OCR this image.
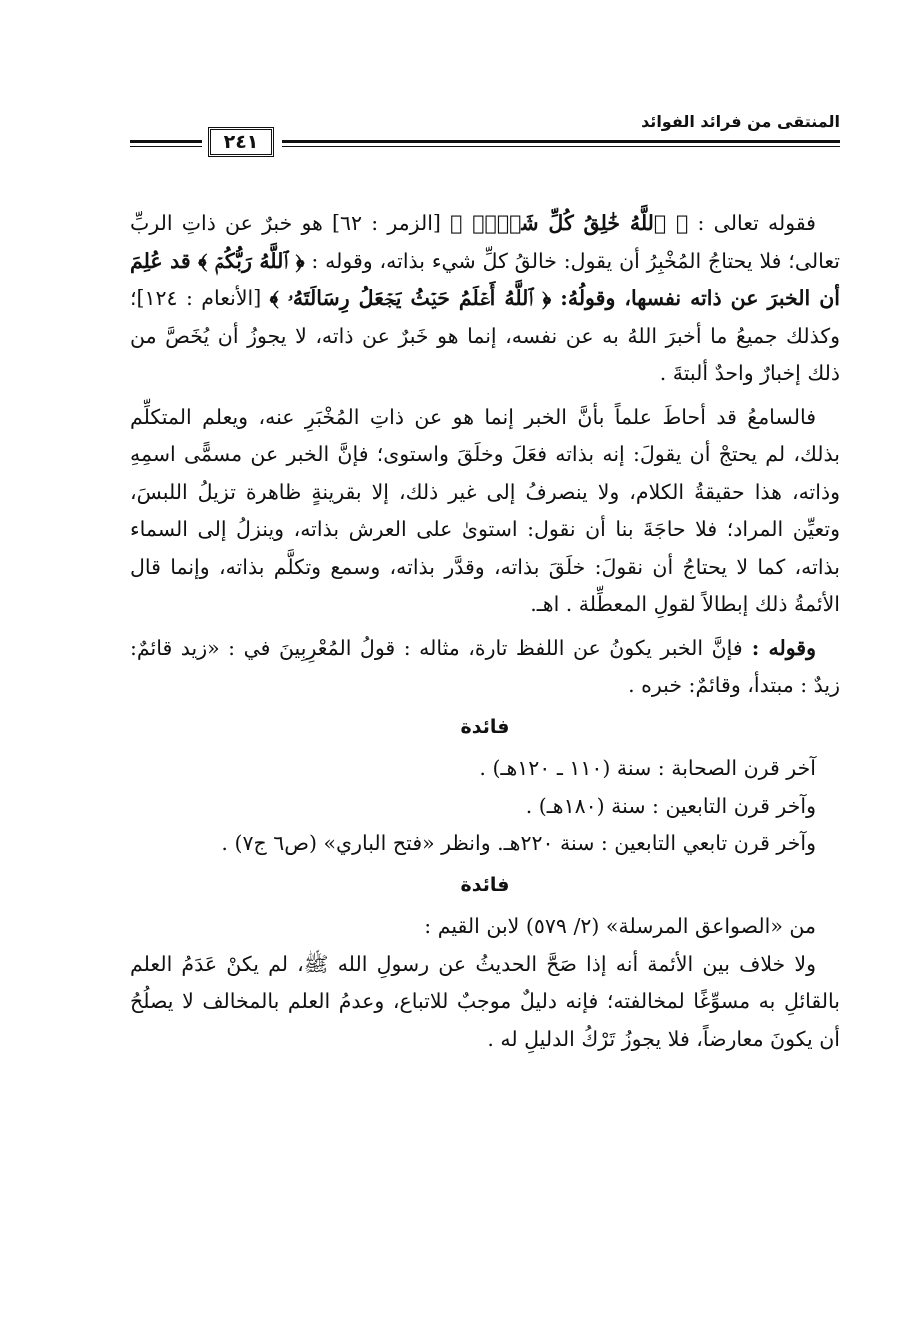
المنتقى من فرائد الفوائد
٢٤١

فقوله تعالى : ﴿ ٱللَّهُ خَٰلِقُ كُلِّ شَيۡءٖ ﴾ [الزمر : ٦٢] هو خبرٌ عن ذاتِ الربِّ تعالى؛ فلا يحتاجُ المُخْبِرُ أن يقول: خالقُ كلِّ شيء بذاته، وقوله : ﴿ ٱللَّهُ رَبُّكُمۡ ﴾ قد عُلِمَ أن الخبرَ عن ذاته نفسها، وقولُهُ: ﴿ ٱللَّهُ أَعۡلَمُ حَيۡثُ يَجۡعَلُ رِسَالَتَهُۥ ﴾ [الأنعام : ١٢٤]؛ وكذلك جميعُ ما أخبرَ اللهُ به عن نفسه، إنما هو خَبرٌ عن ذاته، لا يجوزُ أن يُخَصَّ من ذلك إخبارٌ واحدٌ ألبتةَ .

فالسامعُ قد أحاطَ علماً بأنَّ الخبر إنما هو عن ذاتِ المُخْبَرِ عنه، ويعلم المتكلِّم بذلك، لم يحتجْ أن يقولَ: إنه بذاته فعَلَ وخلَقَ واستوى؛ فإنَّ الخبر عن مسمًّى اسمِهِ وذاته، هذا حقيقةُ الكلام، ولا ينصرفُ إلى غير ذلك، إلا بقرينةٍ ظاهرة تزيلُ اللبسَ، وتعيِّن المراد؛ فلا حاجَةَ بنا أن نقول: استوىٰ على العرش بذاته، وينزلُ إلى السماء بذاته، كما لا يحتاجُ أن نقولَ: خلَقَ بذاته، وقدَّر بذاته، وسمع وتكلَّم بذاته، وإنما قال الأئمةُ ذلك إبطالاً لقولِ المعطِّلة . اهـ.

وقوله : فإنَّ الخبر يكونُ عن اللفظ تارة، مثاله : قولُ المُعْرِبِينَ في : «زيد قائمٌ: زيدٌ : مبتدأ، وقائمٌ: خبره .

فائدة

آخر قرن الصحابة : سنة (١١٠ ـ ١٢٠هـ) .

وآخر قرن التابعين : سنة (١٨٠هـ) .

وآخر قرن تابعي التابعين : سنة ٢٢٠هـ. وانظر «فتح الباري» (ص٦ ج٧) .

فائدة

من «الصواعق المرسلة» (٢/ ٥٧٩) لابن القيم :

ولا خلاف بين الأئمة أنه إذا صَحَّ الحديثُ عن رسولِ الله ﷺ، لم يكنْ عَدَمُ العلم بالقائلِ به مسوِّغًا لمخالفته؛ فإنه دليلٌ موجبٌ للاتباع، وعدمُ العلم بالمخالف لا يصلُحُ أن يكونَ معارضاً، فلا يجوزُ تَرْكُ الدليلِ له .
